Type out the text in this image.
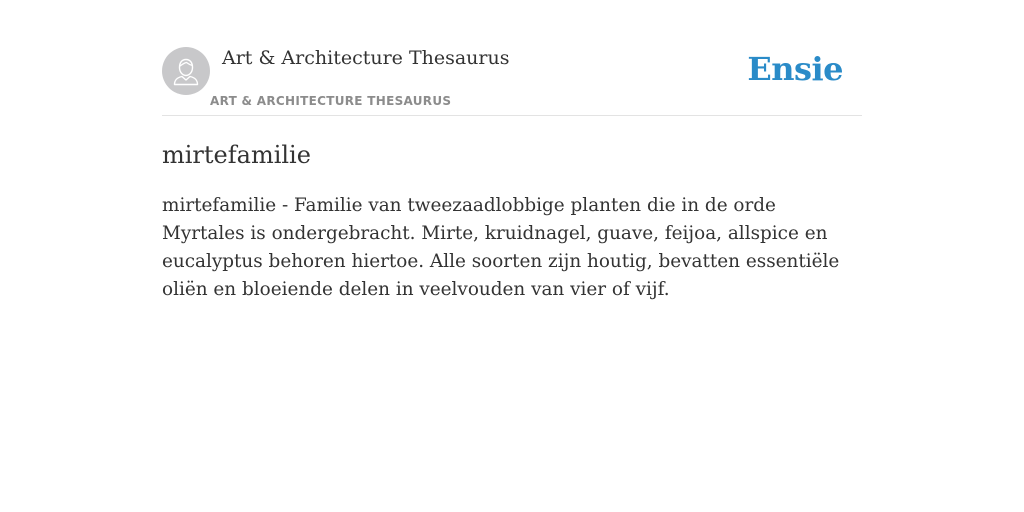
Art & Architecture Thesaurus
ART & ARCHITECTURE THESAURUS
Ensie
mirtefamilie

mirtefamilie - Familie van tweezaadlobbige planten die in de orde Myrtales is ondergebracht. Mirte, kruidnagel, guave, feijoa, allspice en eucalyptus behoren hiertoe. Alle soorten zijn houtig, bevatten essentiële oliën en bloeiende delen in veelvouden van vier of vijf.
